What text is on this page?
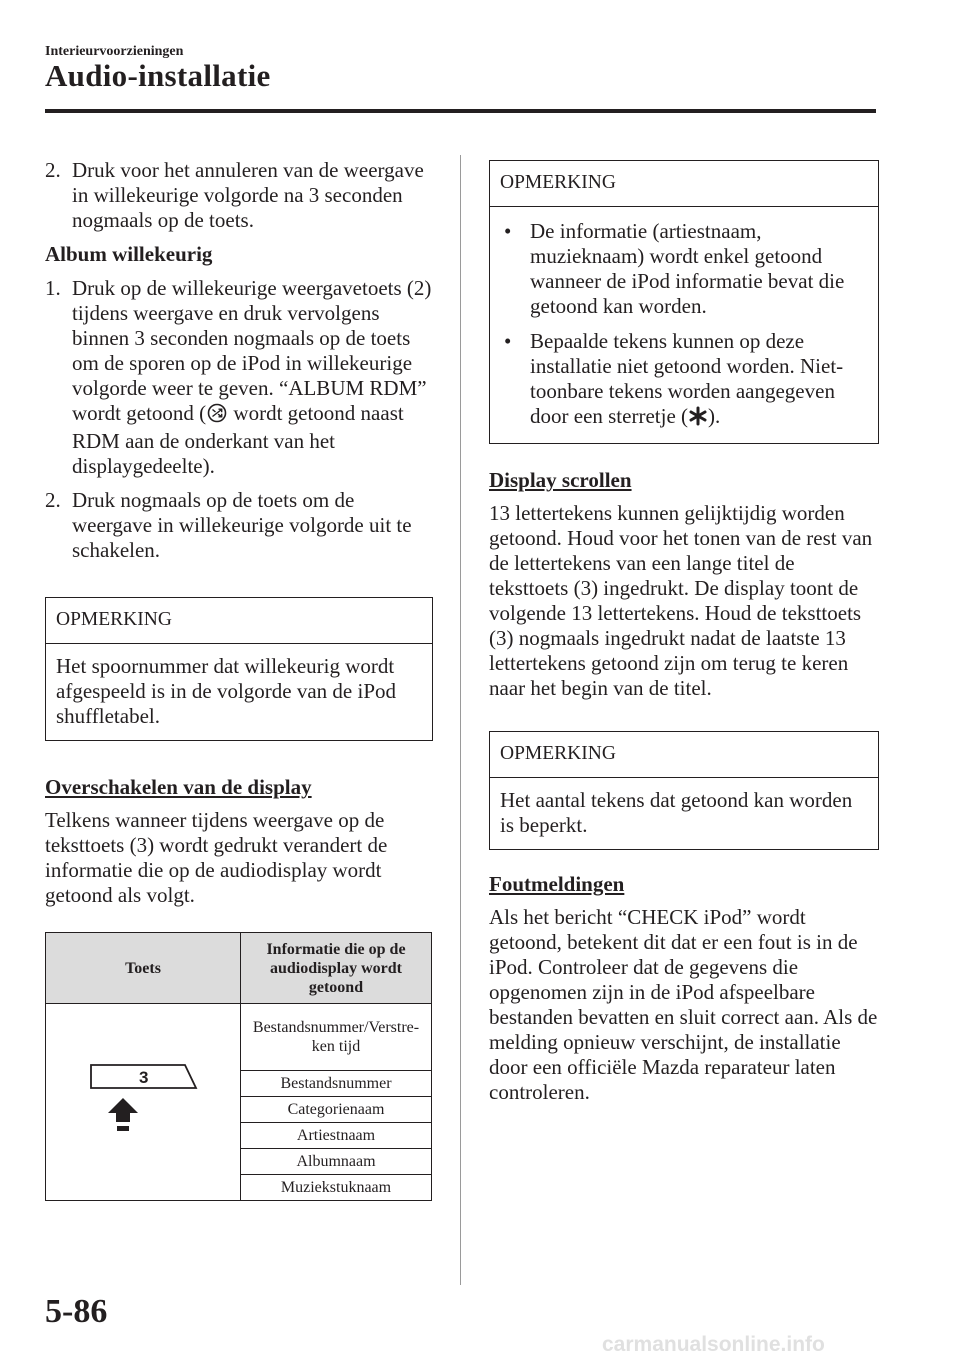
Interieurvoorzieningen
Audio-installatie
2. Druk voor het annuleren van de weergave in willekeurige volgorde na 3 seconden nogmaals op de toets.
Album willekeurig
1. Druk op de willekeurige weergavetoets (2) tijdens weergave en druk vervolgens binnen 3 seconden nogmaals op de toets om de sporen op de iPod in willekeurige volgorde weer te geven. “ALBUM RDM” wordt getoond ( wordt getoond naast RDM aan de onderkant van het displaygedeelte).
2. Druk nogmaals op de toets om de weergave in willekeurige volgorde uit te schakelen.
OPMERKING
Het spoornummer dat willekeurig wordt afgespeeld is in de volgorde van de iPod shuffletabel.
Overschakelen van de display
Telkens wanneer tijdens weergave op de teksttoets (3) wordt gedrukt verandert de informatie die op de audiodisplay wordt getoond als volgt.
Toets	Informatie die op de audiodisplay wordt getoond

3	Bestandsnummer/Verstre-ken tijd
	Bestandsnummer
	Categorienaam
	Artiestnaam
	Albumnaam
	Muziekstuknaam
OPMERKING
• De informatie (artiestnaam, muzieknaam) wordt enkel getoond wanneer de iPod informatie bevat die getoond kan worden.
• Bepaalde tekens kunnen op deze installatie niet getoond worden. Niet-toonbare tekens worden aangegeven door een sterretje ( ).
Display scrollen
13 lettertekens kunnen gelijktijdig worden getoond. Houd voor het tonen van de rest van de lettertekens van een lange titel de teksttoets (3) ingedrukt. De display toont de volgende 13 lettertekens. Houd de teksttoets (3) nogmaals ingedrukt nadat de laatste 13 lettertekens getoond zijn om terug te keren naar het begin van de titel.
OPMERKING
Het aantal tekens dat getoond kan worden is beperkt.
Foutmeldingen
Als het bericht “CHECK iPod” wordt getoond, betekent dit dat er een fout is in de iPod. Controleer dat de gegevens die opgenomen zijn in de iPod afspeelbare bestanden bevatten en sluit correct aan. Als de melding opnieuw verschijnt, de installatie door een officiële Mazda reparateur laten controleren.
5-86
carmanualsonline.info
